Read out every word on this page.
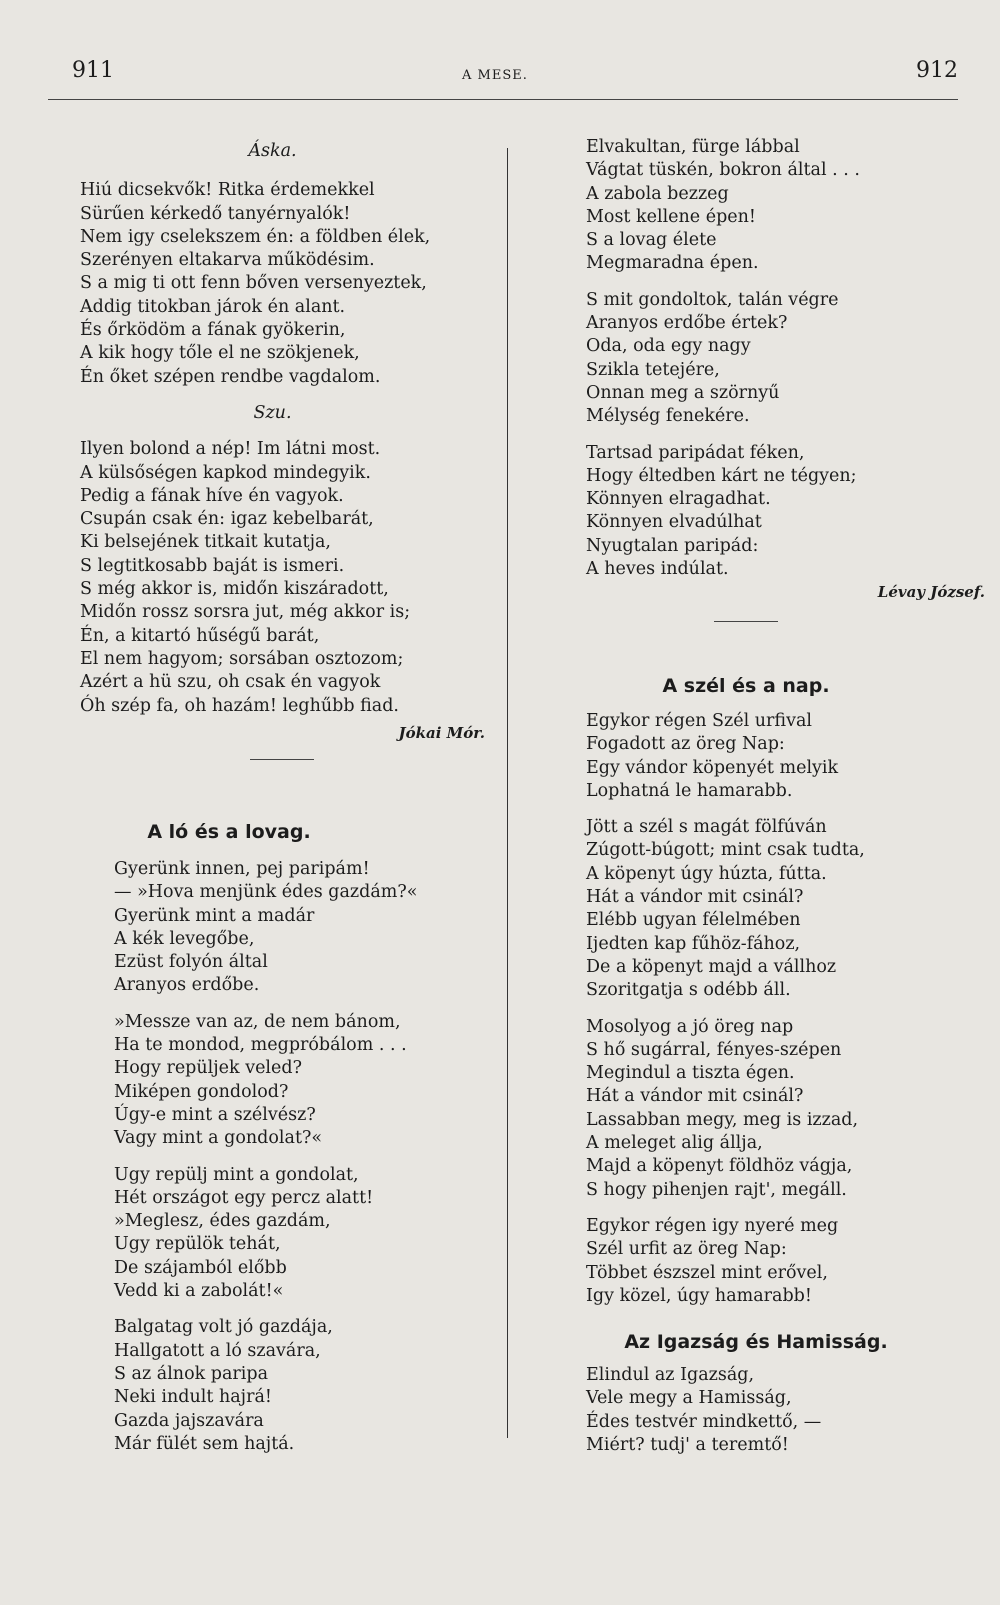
911	A MESE.	912
Áska.
Hiú dicsekvők! Ritka érdemekkel
Sürűen kérkedő tanyérnyalók!
Nem igy cselekszem én: a földben élek,
Szerényen eltakarva működésim.
S a mig ti ott fenn bőven versenyeztek,
Addig titokban járok én alant.
És őrködöm a fának gyökerin,
A kik hogy tőle el ne szökjenek,
Én őket szépen rendbe vagdalom.
Szu.
Ilyen bolond a nép! Im látni most.
A külsőségen kapkod mindegyik.
Pedig a fának híve én vagyok.
Csupán csak én: igaz kebelbarát,
Ki belsejének titkait kutatja,
S legtitkosabb baját is ismeri.
S még akkor is, midőn kiszáradott,
Midőn rossz sorsra jut, még akkor is;
Én, a kitartó hűségű barát,
El nem hagyom; sorsában osztozom;
Azért a hü szu, oh csak én vagyok
Óh szép fa, oh hazám! leghűbb fiad.
Jókai Mór.
A ló és a lovag.
Gyerünk innen, pej paripám!
— »Hova menjünk édes gazdám?«
Gyerünk mint a madár
A kék levegőbe,
Ezüst folyón által
Aranyos erdőbe.
»Messze van az, de nem bánom,
Ha te mondod, megpróbálom . . .
Hogy repüljek veled?
Miképen gondolod?
Úgy-e mint a szélvész?
Vagy mint a gondolat?«
Ugy repülj mint a gondolat,
Hét országot egy percz alatt!
»Meglesz, édes gazdám,
Ugy repülök tehát,
De szájamból előbb
Vedd ki a zabolát!«
Balgatag volt jó gazdája,
Hallgatott a ló szavára,
S az álnok paripa
Neki indult hajrá!
Gazda jajszavára
Már fülét sem hajtá.
Elvakultan, fürge lábbal
Vágtat tüskén, bokron által . . .
A zabola bezzeg
Most kellene épen!
S a lovag élete
Megmaradna épen.
S mit gondoltok, talán végre
Aranyos erdőbe értek?
Oda, oda egy nagy
Szikla tetejére,
Onnan meg a szörnyű
Mélység fenekére.
Tartsad paripádat féken,
Hogy éltedben kárt ne tégyen;
Könnyen elragadhat.
Könnyen elvadúlhat
Nyugtalan paripád:
A heves indúlat.
Lévay József.
A szél és a nap.
Egykor régen Szél urfival
Fogadott az öreg Nap:
Egy vándor köpenyét melyik
Lophatná le hamarabb.
Jött a szél s magát fölfúván
Zúgott-búgott; mint csak tudta,
A köpenyt úgy húzta, fútta.
Hát a vándor mit csinál?
Elébb ugyan félelmében
Ijedten kap fűhöz-fához,
De a köpenyt majd a vállhoz
Szoritgatja s odébb áll.
Mosolyog a jó öreg nap
S hő sugárral, fényes-szépen
Megindul a tiszta égen.
Hát a vándor mit csinál?
Lassabban megy, meg is izzad,
A meleget alig állja,
Majd a köpenyt földhöz vágja,
S hogy pihenjen rajt', megáll.
Egykor régen igy nyeré meg
Szél urfit az öreg Nap:
Többet észszel mint erővel,
Igy közel, úgy hamarabb!
Az Igazság és Hamisság.
Elindul az Igazság,
Vele megy a Hamisság,
Édes testvér mindkettő, —
Miért? tudj' a teremtő!
